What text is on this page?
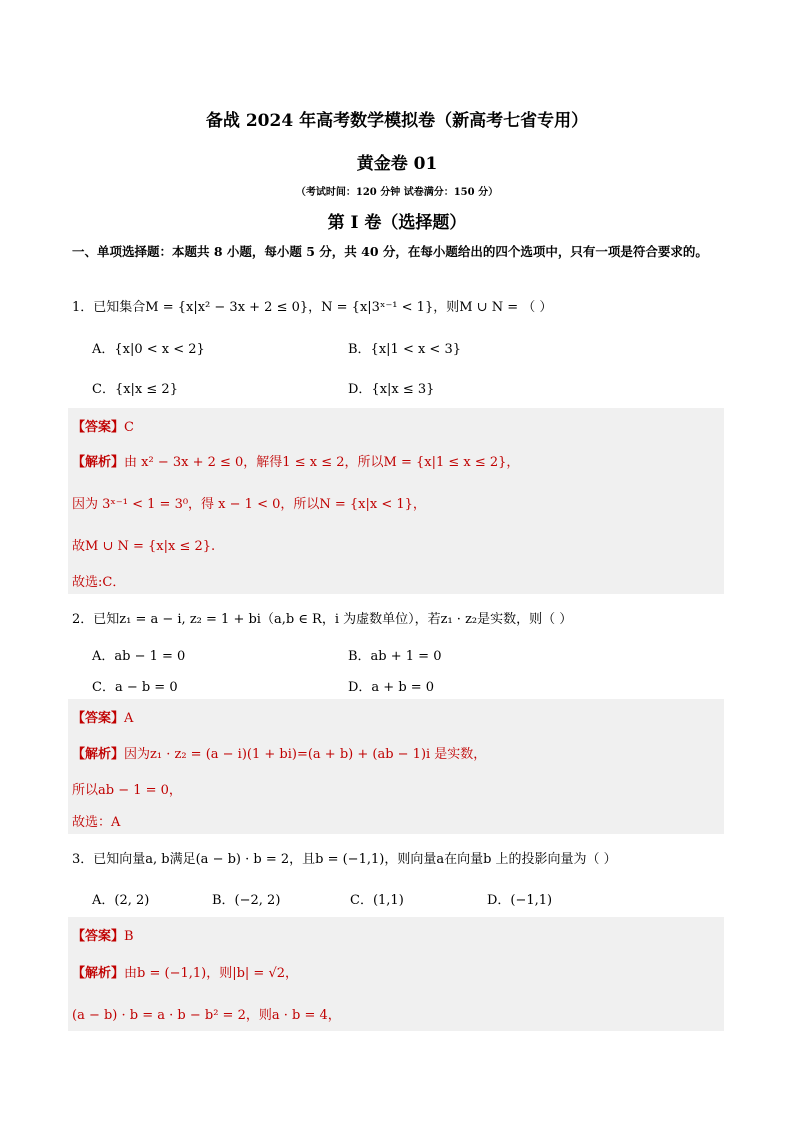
备战 2024 年高考数学模拟卷（新高考七省专用）
黄金卷 01
（考试时间：120 分钟 试卷满分：150 分）
第 I 卷（选择题）
一、单项选择题：本题共 8 小题，每小题 5 分，共 40 分，在每小题给出的四个选项中，只有一项是符合要求的。
1．已知集合M = {x|x² − 3x + 2 ≤ 0}，N = {x|3ˣ⁻¹ < 1}，则M ∪ N = （ ）
A．{x|0 < x < 2}	B．{x|1 < x < 3}
C．{x|x ≤ 2}	D．{x|x ≤ 3}
【答案】C
【解析】由 x² − 3x + 2 ≤ 0，解得1 ≤ x ≤ 2，所以M = {x|1 ≤ x ≤ 2}，
因为 3ˣ⁻¹ < 1 = 3⁰，得 x − 1 < 0，所以N = {x|x < 1}，
故M ∪ N = {x|x ≤ 2}.
故选:C．
2．已知z₁ = a − i, z₂ = 1 + bi（a,b ∈ R，i 为虚数单位），若z₁ · z₂是实数，则（ ）
A．ab − 1 = 0	B．ab + 1 = 0
C．a − b = 0	D．a + b = 0
【答案】A
【解析】因为z₁ · z₂ = (a − i)(1 + bi)=(a + b) + (ab − 1)i 是实数，
所以ab − 1 = 0，
故选：A
3．已知向量a, b满足(a − b) · b = 2，且b = (−1,1)，则向量a在向量b 上的投影向量为（ ）
A．(2, 2)	B．(−2, 2)	C．(1,1)	D．(−1,1)
【答案】B
【解析】由b = (−1,1)，则|b| = √2，
(a − b) · b = a · b − b² = 2，则a · b = 4，
